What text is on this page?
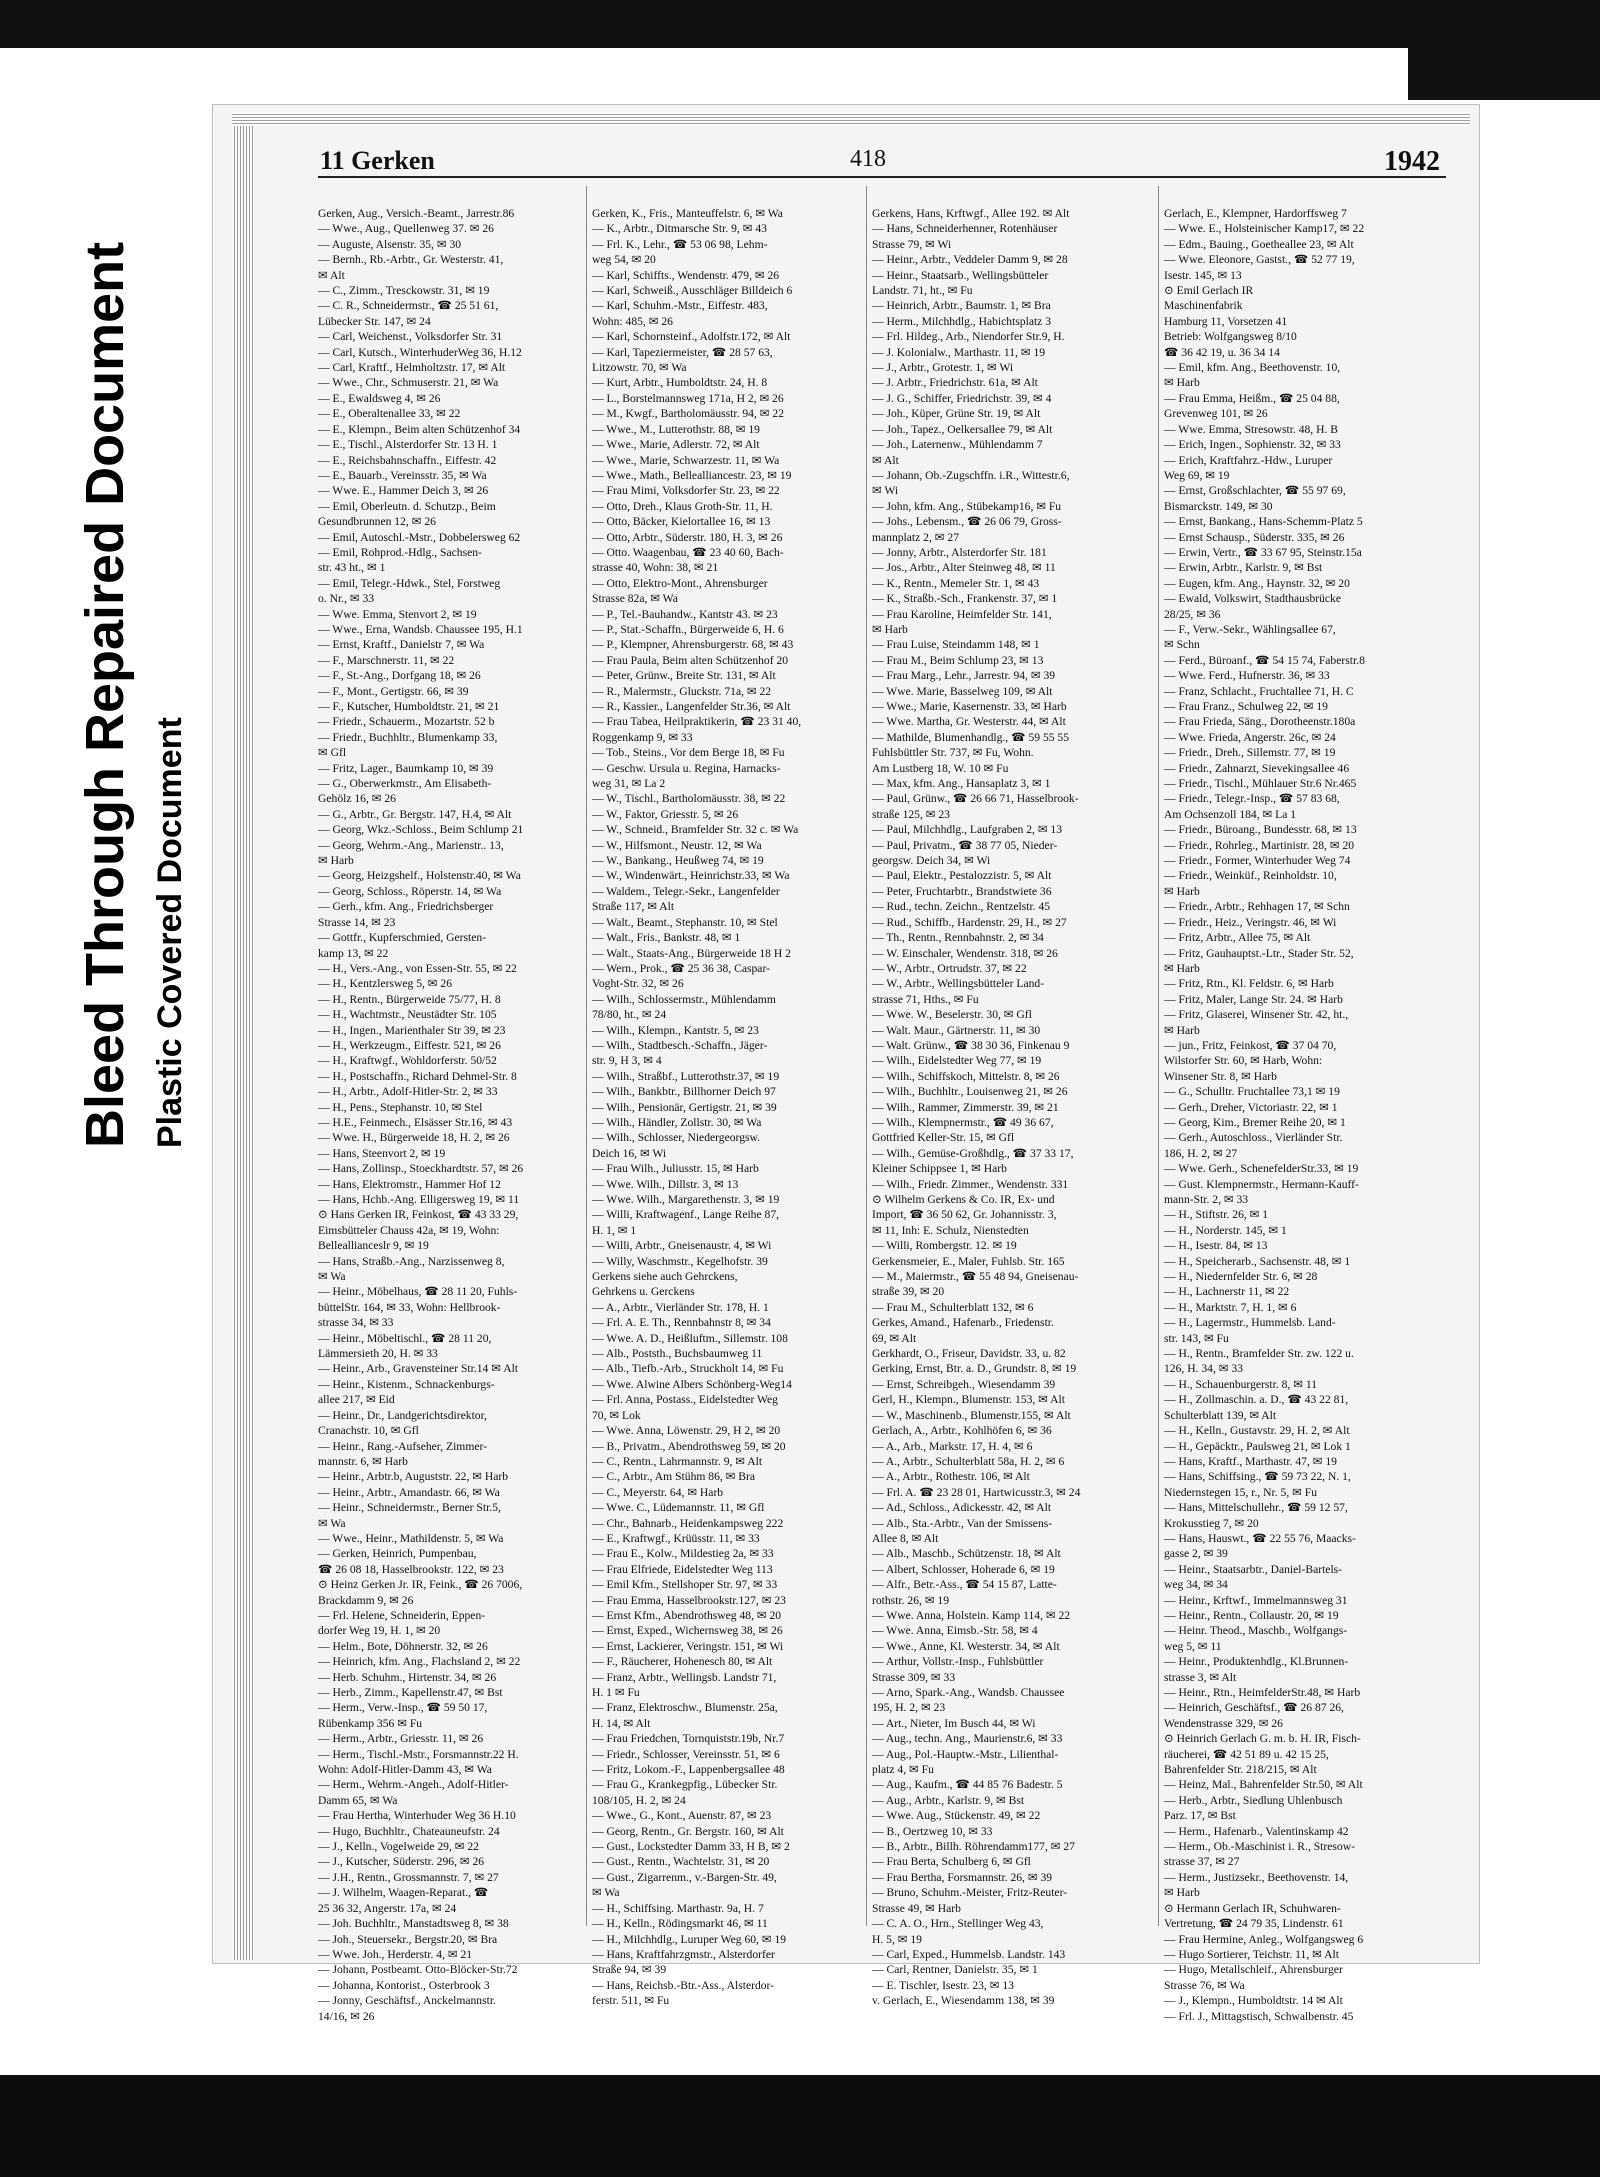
Bleed Through Repaired Document Plastic Covered Document
11 Gerken	418	1942
Gerken, Aug., Versich.-Beamt., Jarrestr.86
— Wwe., Aug., Quellenweg 37. ✉ 26
— Auguste, Alsenstr. 35, ✉ 30
— Bernh., Rb.-Arbtr., Gr. Westerstr. 41,
✉ Alt
— C., Zimm., Tresckowstr. 31, ✉ 19
— C. R., Schneidermstr., ☎ 25 51 61,
Lübecker Str. 147, ✉ 24
— Carl, Weichenst., Volksdorfer Str. 31
— Carl, Kutsch., WinterhuderWeg 36, H.12
— Carl, Kraftf., Helmholtzstr. 17, ✉ Alt
— Wwe., Chr., Schmuserstr. 21, ✉ Wa
— E., Ewaldsweg 4, ✉ 26
— E., Oberaltenallee 33, ✉ 22
— E., Klempn., Beim alten Schützenhof 34
— E., Tischl., Alsterdorfer Str. 13 H. 1
— E., Reichsbahnschaffn., Eiffestr. 42
— E., Bauarb., Vereinsstr. 35, ✉ Wa
— Wwe. E., Hammer Deich 3, ✉ 26
— Emil, Oberleutn. d. Schutzp., Beim
Gesundbrunnen 12, ✉ 26
— Emil, Autoschl.-Mstr., Dobbelersweg 62
— Emil, Rohprod.-Hdlg., Sachsen-
str. 43 ht., ✉ 1
— Emil, Telegr.-Hdwk., Stel, Forstweg
o. Nr., ✉ 33
— Wwe. Emma, Stenvort 2, ✉ 19
— Wwe., Erna, Wandsb. Chaussee 195, H.1
— Ernst, Kraftf., Danielstr 7, ✉ Wa
— F., Marschnerstr. 11, ✉ 22
— F., St.-Ang., Dorfgang 18, ✉ 26
— F., Mont., Gertigstr. 66, ✉ 39
— F., Kutscher, Humboldtstr. 21, ✉ 21
— Friedr., Schauerm., Mozartstr. 52 b
— Friedr., Buchhltr., Blumenkamp 33,
✉ Gfl
— Fritz, Lager., Baumkamp 10, ✉ 39
— G., Oberwerkmstr., Am Elisabeth-
Gehölz 16, ✉ 26
— G., Arbtr., Gr. Bergstr. 147, H.4, ✉ Alt
— Georg, Wkz.-Schloss., Beim Schlump 21
— Georg, Wehrm.-Ang., Marienstr.. 13,
✉ Harb
— Georg, Heizgshelf., Holstenstr.40, ✉ Wa
— Georg, Schloss., Röperstr. 14, ✉ Wa
— Gerh., kfm. Ang., Friedrichsberger
Strasse 14, ✉ 23
— Gottfr., Kupferschmied, Gersten-
kamp 13, ✉ 22
— H., Vers.-Ang., von Essen-Str. 55, ✉ 22
— H., Kentzlersweg 5, ✉ 26
— H., Rentn., Bürgerweide 75/77, H. 8
— H., Wachtmstr., Neustädter Str. 105
— H., Ingen., Marienthaler Str 39, ✉ 23
— H., Werkzeugm., Eiffestr. 521, ✉ 26
— H., Kraftwgf., Wohldorferstr. 50/52
— H., Postschaffn., Richard Dehmel-Str. 8
— H., Arbtr., Adolf-Hitler-Str. 2, ✉ 33
— H., Pens., Stephanstr. 10, ✉ Stel
— H.E., Feinmech., Elsässer Str.16, ✉ 43
— Wwe. H., Bürgerweide 18, H. 2, ✉ 26
— Hans, Steenvort 2, ✉ 19
— Hans, Zollinsp., Stoeckhardtstr. 57, ✉ 26
— Hans, Elektromstr., Hammer Hof 12
— Hans, Hchb.-Ang. Elligersweg 19, ✉ 11
⊙ Hans Gerken IR, Feinkost, ☎ 43 33 29,
Eimsbütteler Chauss 42a, ✉ 19, Wohn:
Belleallianceslr 9, ✉ 19
— Hans, Straßb.-Ang., Narzissenweg 8,
✉ Wa
— Heinr., Möbelhaus, ☎ 28 11 20, Fuhls-
büttelStr. 164, ✉ 33, Wohn: Hellbrook-
strasse 34, ✉ 33
— Heinr., Möbeltischl., ☎ 28 11 20,
Lämmersieth 20, H. ✉ 33
— Heinr., Arb., Gravensteiner Str.14 ✉ Alt
— Heinr., Kistenm., Schnackenburgs-
allee 217, ✉ Eid
— Heinr., Dr., Landgerichtsdirektor,
Cranachstr. 10, ✉ Gfl
— Heinr., Rang.-Aufseher, Zimmer-
mannstr. 6, ✉ Harb
— Heinr., Arbtr.b, Auguststr. 22, ✉ Harb
— Heinr., Arbtr., Amandastr. 66, ✉ Wa
— Heinr., Schneidermstr., Berner Str.5,
✉ Wa
— Wwe., Heinr., Mathildenstr. 5, ✉ Wa
— Gerken, Heinrich, Pumpenbau,
☎ 26 08 18, Hasselbrookstr. 122, ✉ 23
⊙ Heinz Gerken Jr. IR, Feink., ☎ 26 7006,
Brackdamm 9, ✉ 26
— Frl. Helene, Schneiderin, Eppen-
dorfer Weg 19, H. 1, ✉ 20
— Helm., Bote, Döhnerstr. 32, ✉ 26
— Heinrich, kfm. Ang., Flachsland 2, ✉ 22
— Herb. Schuhm., Hirtenstr. 34, ✉ 26
— Herb., Zimm., Kapellenstr.47, ✉ Bst
— Herm., Verw.-Insp., ☎ 59 50 17,
Rübenkamp 356 ✉ Fu
— Herm., Arbtr., Griesstr. 11, ✉ 26
— Herm., Tischl.-Mstr., Forsmannstr.22 H.
Wohn: Adolf-Hitler-Damm 43, ✉ Wa
— Herm., Wehrm.-Angeh., Adolf-Hitler-
Damm 65, ✉ Wa
— Frau Hertha, Winterhuder Weg 36 H.10
— Hugo, Buchhltr., Chateauneufstr. 24
— J., Kelln., Vogelweide 29, ✉ 22
— J., Kutscher, Süderstr. 296, ✉ 26
— J.H., Rentn., Grossmannstr. 7, ✉ 27
— J. Wilhelm, Waagen-Reparat., ☎
25 36 32, Angerstr. 17a, ✉ 24
— Joh. Buchhltr., Manstadtsweg 8, ✉ 38
— Joh., Steuersekr., Bergstr.20, ✉ Bra
— Wwe. Joh., Herderstr. 4, ✉ 21
— Johann, Postbeamt. Otto-Blöcker-Str.72
— Johanna, Kontorist., Osterbrook 3
— Jonny, Geschäftsf., Anckelmannstr.
14/16, ✉ 26
Gerken, K., Fris., Manteuffelstr. 6, ✉ Wa
— K., Arbtr., Ditmarsche Str. 9, ✉ 43
— Frl. K., Lehr., ☎ 53 06 98, Lehm-
weg 54, ✉ 20
— Karl, Schiffts., Wendenstr. 479, ✉ 26
— Karl, Schweiß., Ausschläger Billdeich 6
— Karl, Schuhm.-Mstr., Eiffestr. 483,
Wohn: 485, ✉ 26
— Karl, Schornsteinf., Adolfstr.172, ✉ Alt
— Karl, Tapeziermeister, ☎ 28 57 63,
Litzowstr. 70, ✉ Wa
— Kurt, Arbtr., Humboldtstr. 24, H. 8
— L., Borstelmannsweg 171a, H 2, ✉ 26
— M., Kwgf., Bartholomäusstr. 94, ✉ 22
— Wwe., M., Lutterothstr. 88, ✉ 19
— Wwe., Marie, Adlerstr. 72, ✉ Alt
— Wwe., Marie, Schwarzestr. 11, ✉ Wa
— Wwe., Math., Bellealliancestr. 23, ✉ 19
— Frau Mimi, Volksdorfer Str. 23, ✉ 22
— Otto, Dreh., Klaus Groth-Str. 11, H.
— Otto, Bäcker, Kielortallee 16, ✉ 13
— Otto, Arbtr., Süderstr. 180, H. 3, ✉ 26
— Otto. Waagenbau, ☎ 23 40 60, Bach-
strasse 40, Wohn: 38, ✉ 21
— Otto, Elektro-Mont., Ahrensburger
Strasse 82a, ✉ Wa
— P., Tel.-Bauhandw., Kantstr 43. ✉ 23
— P., Stat.-Schaffn., Bürgerweide 6, H. 6
— P., Klempner, Ahrensburgerstr. 68, ✉ 43
— Frau Paula, Beim alten Schützenhof 20
— Peter, Grünw., Breite Str. 131, ✉ Alt
— R., Malermstr., Gluckstr. 71a, ✉ 22
— R., Kassier., Langenfelder Str.36, ✉ Alt
— Frau Tabea, Heilpraktikerin, ☎ 23 31 40,
Roggenkamp 9, ✉ 33
— Tob., Steins., Vor dem Berge 18, ✉ Fu
— Geschw. Ursula u. Regina, Harnacks-
weg 31, ✉ La 2
— W., Tischl., Bartholomäusstr. 38, ✉ 22
— W., Faktor, Griesstr. 5, ✉ 26
— W., Schneid., Bramfelder Str. 32 c. ✉ Wa
— W., Hilfsmont., Neustr. 12, ✉ Wa
— W., Bankang., Heußweg 74, ✉ 19
— W., Windenwärt., Heinrichstr.33, ✉ Wa
— Waldem., Telegr.-Sekr., Langenfelder
Straße 117, ✉ Alt
— Walt., Beamt., Stephanstr. 10, ✉ Stel
— Walt., Fris., Bankstr. 48, ✉ 1
— Walt., Staats-Ang., Bürgerweide 18 H 2
— Wern., Prok., ☎ 25 36 38, Caspar-
Voght-Str. 32, ✉ 26
— Wilh., Schlossermstr., Mühlendamm
78/80, ht., ✉ 24
— Wilh., Klempn., Kantstr. 5, ✉ 23
— Wilh., Stadtbesch.-Schaffn., Jäger-
str. 9, H 3, ✉ 4
— Wilh., Straßbf., Lutterothstr.37, ✉ 19
— Wilh., Bankbtr., Billhorner Deich 97
— Wilh., Pensionär, Gertigstr. 21, ✉ 39
— Wilh., Händler, Zollstr. 30, ✉ Wa
— Wilh., Schlosser, Niedergeorgsw.
Deich 16, ✉ Wi
— Frau Wilh., Juliusstr. 15, ✉ Harb
— Wwe. Wilh., Dillstr. 3, ✉ 13
— Wwe. Wilh., Margarethenstr. 3, ✉ 19
— Willi, Kraftwagenf., Lange Reihe 87,
H. 1, ✉ 1
— Willi, Arbtr., Gneisenaustr. 4, ✉ Wi
— Willy, Waschmstr., Kegelhofstr. 39
Gerkens siehe auch Gehrckens,
Gehrkens u. Gerckens
— A., Arbtr., Vierländer Str. 178, H. 1
— Frl. A. E. Th., Rennbahnstr 8, ✉ 34
— Wwe. A. D., Heißluftm., Sillemstr. 108
— Alb., Poststh., Buchsbaumweg 11
— Alb., Tiefb.-Arb., Struckholt 14, ✉ Fu
— Wwe. Alwine Albers Schönberg-Weg14
— Frl. Anna, Postass., Eidelstedter Weg
70, ✉ Lok
— Wwe. Anna, Löwenstr. 29, H 2, ✉ 20
— B., Privatm., Abendrothsweg 59, ✉ 20
— C., Rentn., Lahrmannstr. 9, ✉ Alt
— C., Arbtr., Am Stühm 86, ✉ Bra
— C., Meyerstr. 64, ✉ Harb
— Wwe. C., Lüdemannstr. 11, ✉ Gfl
— Chr., Bahnarb., Heidenkampsweg 222
— E., Kraftwgf., Krüüsstr. 11, ✉ 33
— Frau E., Kolw., Mildestieg 2a, ✉ 33
— Frau Elfriede, Eidelstedter Weg 113
— Emil Kfm., Stellshoper Str. 97, ✉ 33
— Frau Emma, Hasselbrookstr.127, ✉ 23
— Ernst Kfm., Abendrothsweg 48, ✉ 20
— Ernst, Exped., Wichernsweg 38, ✉ 26
— Ernst, Lackierer, Veringstr. 151, ✉ Wi
— F., Räucherer, Hohenesch 80, ✉ Alt
— Franz, Arbtr., Wellingsb. Landstr 71,
H. 1 ✉ Fu
— Franz, Elektroschw., Blumenstr. 25a,
H. 14, ✉ Alt
— Frau Friedchen, Tornquiststr.19b, Nr.7
— Friedr., Schlosser, Vereinsstr. 51, ✉ 6
— Fritz, Lokom.-F., Lappenbergsallee 48
— Frau G., Krankegpfig., Lübecker Str.
108/105, H. 2, ✉ 24
— Wwe., G., Kont., Auenstr. 87, ✉ 23
— Georg, Rentn., Gr. Bergstr. 160, ✉ Alt
— Gust., Lockstedter Damm 33, H B, ✉ 2
— Gust., Rentn., Wachtelstr. 31, ✉ 20
— Gust., Zigarrenm., v.-Bargen-Str. 49,
✉ Wa
— H., Schiffsing. Marthastr. 9a, H. 7
— H., Kelln., Rödingsmarkt 46, ✉ 11
— H., Milchhdlg., Luruper Weg 60, ✉ 19
— Hans, Kraftfahrzgmstr., Alsterdorfer
Straße 94, ✉ 39
— Hans, Reichsb.-Btr.-Ass., Alsterdor-
ferstr. 511, ✉ Fu
Gerkens, Hans, Krftwgf., Allee 192. ✉ Alt
— Hans, Schneiderhenner, Rotenhäuser
Strasse 79, ✉ Wi
— Heinr., Arbtr., Veddeler Damm 9, ✉ 28
— Heinr., Staatsarb., Wellingsbütteler
Landstr. 71, ht., ✉ Fu
— Heinrich, Arbtr., Baumstr. 1, ✉ Bra
— Herm., Milchhdlg., Habichtsplatz 3
— Frl. Hildeg., Arb., Niendorfer Str.9, H.
— J. Kolonialw., Marthastr. 11, ✉ 19
— J., Arbtr., Grotestr. 1, ✉ Wi
— J. Arbtr., Friedrichstr. 61a, ✉ Alt
— J. G., Schiffer, Friedrichstr. 39, ✉ 4
— Joh., Küper, Grüne Str. 19, ✉ Alt
— Joh., Tapez., Oelkersallee 79, ✉ Alt
— Joh., Laternenw., Mühlendamm 7
✉ Alt
— Johann, Ob.-Zugschffn. i.R., Wittestr.6,
✉ Wi
— John, kfm. Ang., Stübekamp16, ✉ Fu
— Johs., Lebensm., ☎ 26 06 79, Gross-
mannplatz 2, ✉ 27
— Jonny, Arbtr., Alsterdorfer Str. 181
— Jos., Arbtr., Alter Steinweg 48, ✉ 11
— K., Rentn., Memeler Str. 1, ✉ 43
— K., Straßb.-Sch., Frankenstr. 37, ✉ 1
— Frau Karoline, Heimfelder Str. 141,
✉ Harb
— Frau Luise, Steindamm 148, ✉ 1
— Frau M., Beim Schlump 23, ✉ 13
— Frau Marg., Lehr., Jarrestr. 94, ✉ 39
— Wwe. Marie, Basselweg 109, ✉ Alt
— Wwe., Marie, Kasernenstr. 33, ✉ Harb
— Wwe. Martha, Gr. Westerstr. 44, ✉ Alt
— Mathilde, Blumenhandlg., ☎ 59 55 55
Fuhlsbüttler Str. 737, ✉ Fu, Wohn.
Am Lustberg 18, W. 10 ✉ Fu
— Max, kfm. Ang., Hansaplatz 3, ✉ 1
— Paul, Grünw., ☎ 26 66 71, Hasselbrook-
straße 125, ✉ 23
— Paul, Milchhdlg., Laufgraben 2, ✉ 13
— Paul, Privatm., ☎ 38 77 05, Nieder-
georgsw. Deich 34, ✉ Wi
— Paul, Elektr., Pestalozzistr. 5, ✉ Alt
— Peter, Fruchtarbtr., Brandstwiete 36
— Rud., techn. Zeichn., Rentzelstr. 45
— Rud., Schiffb., Hardenstr. 29, H., ✉ 27
— Th., Rentn., Rennbahnstr. 2, ✉ 34
— W. Einschaler, Wendenstr. 318, ✉ 26
— W., Arbtr., Ortrudstr. 37, ✉ 22
— W., Arbtr., Wellingsbütteler Land-
strasse 71, Hths., ✉ Fu
— Wwe. W., Beselerstr. 30, ✉ Gfl
— Walt. Maur., Gärtnerstr. 11, ✉ 30
— Walt. Grünw., ☎ 38 30 36, Finkenau 9
— Wilh., Eidelstedter Weg 77, ✉ 19
— Wilh., Schiffskoch, Mittelstr. 8, ✉ 26
— Wilh., Buchhltr., Louisenweg 21, ✉ 26
— Wilh., Rammer, Zimmerstr. 39, ✉ 21
— Wilh., Klempnermstr., ☎ 49 36 67,
Gottfried Keller-Str. 15, ✉ Gfl
— Wilh., Gemüse-Großhdlg., ☎ 37 33 17,
Kleiner Schippsee 1, ✉ Harb
— Wilh., Friedr. Zimmer., Wendenstr. 331
⊙ Wilhelm Gerkens & Co. IR, Ex- und
Import, ☎ 36 50 62, Gr. Johannisstr. 3,
✉ 11, Inh: E. Schulz, Nienstedten
— Willi, Rombergstr. 12. ✉ 19
Gerkensmeier, E., Maler, Fuhlsb. Str. 165
— M., Maiermstr., ☎ 55 48 94, Gneisenau-
straße 39, ✉ 20
— Frau M., Schulterblatt 132, ✉ 6
Gerkes, Amand., Hafenarb., Friedenstr.
69, ✉ Alt
Gerkhardt, O., Friseur, Davidstr. 33, u. 82
Gerking, Ernst, Btr. a. D., Grundstr. 8, ✉ 19
— Ernst, Schreibgeh., Wiesendamm 39
Gerl, H., Klempn., Blumenstr. 153, ✉ Alt
— W., Maschinenb., Blumenstr.155, ✉ Alt
Gerlach, A., Arbtr., Kohlhöfen 6, ✉ 36
— A., Arb., Markstr. 17, H. 4, ✉ 6
— A., Arbtr., Schulterblatt 58a, H. 2, ✉ 6
— A., Arbtr., Rothestr. 106, ✉ Alt
— Frl. A. ☎ 23 28 01, Hartwicusstr.3, ✉ 24
— Ad., Schloss., Adickesstr. 42, ✉ Alt
— Alb., Sta.-Arbtr., Van der Smissens-
Allee 8, ✉ Alt
— Alb., Maschb., Schützenstr. 18, ✉ Alt
— Albert, Schlosser, Hoherade 6, ✉ 19
— Alfr., Betr.-Ass., ☎ 54 15 87, Latte-
rothstr. 26, ✉ 19
— Wwe. Anna, Holstein. Kamp 114, ✉ 22
— Wwe. Anna, Eimsb.-Str. 58, ✉ 4
— Wwe., Anne, Kl. Westerstr. 34, ✉ Alt
— Arthur, Vollstr.-Insp., Fuhlsbüttler
Strasse 309, ✉ 33
— Arno, Spark.-Ang., Wandsb. Chaussee
195, H. 2, ✉ 23
— Art., Nieter, Im Busch 44, ✉ Wi
— Aug., techn. Ang., Maurienstr.6, ✉ 33
— Aug., Pol.-Hauptw.-Mstr., Lilienthal-
platz 4, ✉ Fu
— Aug., Kaufm., ☎ 44 85 76 Badestr. 5
— Aug., Arbtr., Karlstr. 9, ✉ Bst
— Wwe. Aug., Stückenstr. 49, ✉ 22
— B., Oertzweg 10, ✉ 33
— B., Arbtr., Billh. Röhrendamm177, ✉ 27
— Frau Berta, Schulberg 6, ✉ Gfl
— Frau Bertha, Forsmannstr. 26, ✉ 39
— Bruno, Schuhm.-Meister, Fritz-Reuter-
Strasse 49, ✉ Harb
— C. A. O., Hrn., Stellinger Weg 43,
H. 5, ✉ 19
— Carl, Exped., Hummelsb. Landstr. 143
— Carl, Rentner, Danielstr. 35, ✉ 1
— E. Tischler, Isestr. 23, ✉ 13
v. Gerlach, E., Wiesendamm 138, ✉ 39
Gerlach, E., Klempner, Hardorffsweg 7
— Wwe. E., Holsteinischer Kamp17, ✉ 22
— Edm., Bauing., Goetheallee 23, ✉ Alt
— Wwe. Eleonore, Gastst., ☎ 52 77 19,
Isestr. 145, ✉ 13
⊙ Emil Gerlach IR
Maschinenfabrik
Hamburg 11, Vorsetzen 41
Betrieb: Wolfgangsweg 8/10
☎ 36 42 19, u. 36 34 14
— Emil, kfm. Ang., Beethovenstr. 10,
✉ Harb
— Frau Emma, Heißm., ☎ 25 04 88,
Grevenweg 101, ✉ 26
— Wwe. Emma, Stresowstr. 48, H. B
— Erich, Ingen., Sophienstr. 32, ✉ 33
— Erich, Kraftfahrz.-Hdw., Luruper
Weg 69, ✉ 19
— Ernst, Großschlachter, ☎ 55 97 69,
Bismarckstr. 149, ✉ 30
— Ernst, Bankang., Hans-Schemm-Platz 5
— Ernst Schausp., Süderstr. 335, ✉ 26
— Erwin, Vertr., ☎ 33 67 95, Steinstr.15a
— Erwin, Arbtr., Karlstr. 9, ✉ Bst
— Eugen, kfm. Ang., Haynstr. 32, ✉ 20
— Ewald, Volkswirt, Stadthausbrücke
28/25, ✉ 36
— F., Verw.-Sekr., Wählingsallee 67,
✉ Schn
— Ferd., Büroanf., ☎ 54 15 74, Faberstr.8
— Wwe. Ferd., Hufnerstr. 36, ✉ 33
— Franz, Schlacht., Fruchtallee 71, H. C
— Frau Franz., Schulweg 22, ✉ 19
— Frau Frieda, Säng., Dorotheenstr.180a
— Wwe. Frieda, Angerstr. 26c, ✉ 24
— Friedr., Dreh., Sillemstr. 77, ✉ 19
— Friedr., Zahnarzt, Sievekingsallee 46
— Friedr., Tischl., Mühlauer Str.6 Nr.465
— Friedr., Telegr.-Insp., ☎ 57 83 68,
Am Ochsenzoll 184, ✉ La 1
— Friedr., Büroang., Bundesstr. 68, ✉ 13
— Friedr., Rohrleg., Martinistr. 28, ✉ 20
— Friedr., Former, Winterhuder Weg 74
— Friedr., Weinküf., Reinholdstr. 10,
✉ Harb
— Friedr., Arbtr., Rehhagen 17, ✉ Schn
— Friedr., Heiz., Veringstr. 46, ✉ Wi
— Fritz, Arbtr., Allee 75, ✉ Alt
— Fritz, Gauhauptst.-Ltr., Stader Str. 52,
✉ Harb
— Fritz, Rtn., Kl. Feldstr. 6, ✉ Harb
— Fritz, Maler, Lange Str. 24. ✉ Harb
— Fritz, Glaserei, Winsener Str. 42, ht.,
✉ Harb
— jun., Fritz, Feinkost, ☎ 37 04 70,
Wilstorfer Str. 60, ✉ Harb, Wohn:
Winsener Str. 8, ✉ Harb
— G., Schulltr. Fruchtallee 73,1 ✉ 19
— Gerh., Dreher, Victoriastr. 22, ✉ 1
— Georg, Kim., Bremer Reihe 20, ✉ 1
— Gerh., Autoschloss., Vierländer Str.
186, H. 2, ✉ 27
— Wwe. Gerh., SchenefelderStr.33, ✉ 19
— Gust. Klempnermstr., Hermann-Kauff-
mann-Str. 2, ✉ 33
— H., Stiftstr. 26, ✉ 1
— H., Norderstr. 145, ✉ 1
— H., Isestr. 84, ✉ 13
— H., Speicherarb., Sachsenstr. 48, ✉ 1
— H., Niedernfelder Str. 6, ✉ 28
— H., Lachnerstr 11, ✉ 22
— H., Marktstr. 7, H. 1, ✉ 6
— H., Lagermstr., Hummelsb. Land-
str. 143, ✉ Fu
— H., Rentn., Bramfelder Str. zw. 122 u.
126, H. 34, ✉ 33
— H., Schauenburgerstr. 8, ✉ 11
— H., Zollmaschin. a. D., ☎ 43 22 81,
Schulterblatt 139, ✉ Alt
— H., Kelln., Gustavstr. 29, H. 2, ✉ Alt
— H., Gepäcktr., Paulsweg 21, ✉ Lok 1
— Hans, Kraftf., Marthastr. 47, ✉ 19
— Hans, Schiffsing., ☎ 59 73 22, N. 1,
Niedernstegen 15, r., Nr. 5, ✉ Fu
— Hans, Mittelschullehr., ☎ 59 12 57,
Krokusstieg 7, ✉ 20
— Hans, Hauswt., ☎ 22 55 76, Maacks-
gasse 2, ✉ 39
— Heinr., Staatsarbtr., Daniel-Bartels-
weg 34, ✉ 34
— Heinr., Krftwf., Immelmannsweg 31
— Heinr., Rentn., Collaustr. 20, ✉ 19
— Heinr. Theod., Maschb., Wolfgangs-
weg 5, ✉ 11
— Heinr., Produktenhdlg., Kl.Brunnen-
strasse 3, ✉ Alt
— Heinr., Rtn., HeimfelderStr.48, ✉ Harb
— Heinrich, Geschäftsf., ☎ 26 87 26,
Wendenstrasse 329, ✉ 26
⊙ Heinrich Gerlach G. m. b. H. IR, Fisch-
räucherei, ☎ 42 51 89 u. 42 15 25,
Bahrenfelder Str. 218/215, ✉ Alt
— Heinz, Mal., Bahrenfelder Str.50, ✉ Alt
— Herb., Arbtr., Siedlung Uhlenbusch
Parz. 17, ✉ Bst
— Herm., Hafenarb., Valentinskamp 42
— Herm., Ob.-Maschinist i. R., Stresow-
strasse 37, ✉ 27
— Herm., Justizsekr., Beethovenstr. 14,
✉ Harb
⊙ Hermann Gerlach IR, Schuhwaren-
Vertretung, ☎ 24 79 35, Lindenstr. 61
— Frau Hermine, Anleg., Wolfgangsweg 6
— Hugo Sortierer, Teichstr. 11, ✉ Alt
— Hugo, Metallschleif., Ahrensburger
Strasse 76, ✉ Wa
— J., Klempn., Humboldtstr. 14 ✉ Alt
— Frl. J., Mittagstisch, Schwalbenstr. 45
